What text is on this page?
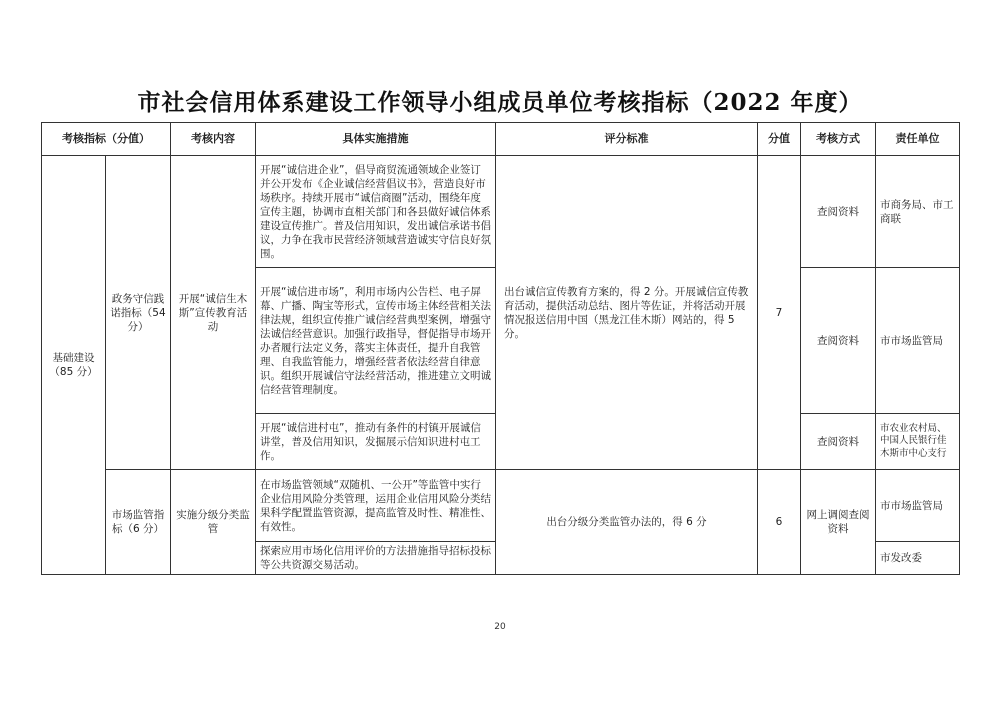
市社会信用体系建设工作领导小组成员单位考核指标（2022 年度）
考核指标（分值）		考核内容	具体实施措施	评分标准	分值	考核方式	责任单位
基础建设（85 分）	政务守信践诺指标（54 分）	开展“诚信生木斯”宣传教育活动	开展“诚信进企业”，倡导商贸流通领域企业签订并公开发布《企业诚信经营倡议书》，营造良好市场秩序。持续开展市“诚信商圈”活动，围绕年度宣传主题，协调市直相关部门和各县做好诚信体系建设宣传推广。普及信用知识，发出诚信承诺书倡议，力争在我市民营经济领域营造诚实守信良好氛围。	出台诚信宣传教育方案的，得 2 分。开展诚信宣传教育活动，提供活动总结、图片等佐证，并将活动开展情况报送信用中国（黑龙江佳木斯）网站的，得 5 分。	7	查阅资料	市商务局、市工商联
			开展“诚信进市场”，利用市场内公告栏、电子屏幕、广播、陶宝等形式，宣传市场主体经营相关法律法规，组织宣传推广诚信经营典型案例，增强守法诚信经营意识。加强行政指导，督促指导市场开办者履行法定义务，落实主体责任，提升自我管理、自我监管能力，增强经营者依法经营自律意识。组织开展诚信守法经营活动，推进建立文明诚信经营管理制度。			查阅资料	市市场监管局
			开展“诚信进村屯”，推动有条件的村镇开展诚信讲堂，普及信用知识，发掘展示信知识进村屯工作。			查阅资料	市农业农村局、中国人民银行佳木斯市中心支行
	市场监管指标（6 分）	实施分级分类监管	在市场监管领域“双随机、一公开”等监管中实行企业信用风险分类管理，运用企业信用风险分类结果科学配置监管资源，提高监管及时性、精准性、有效性。	出台分级分类监管办法的，得 6 分	6	网上调阅查阅资料	市市场监管局
			探索应用市场化信用评价的方法措施指导招标投标等公共资源交易活动。				市发改委
20
